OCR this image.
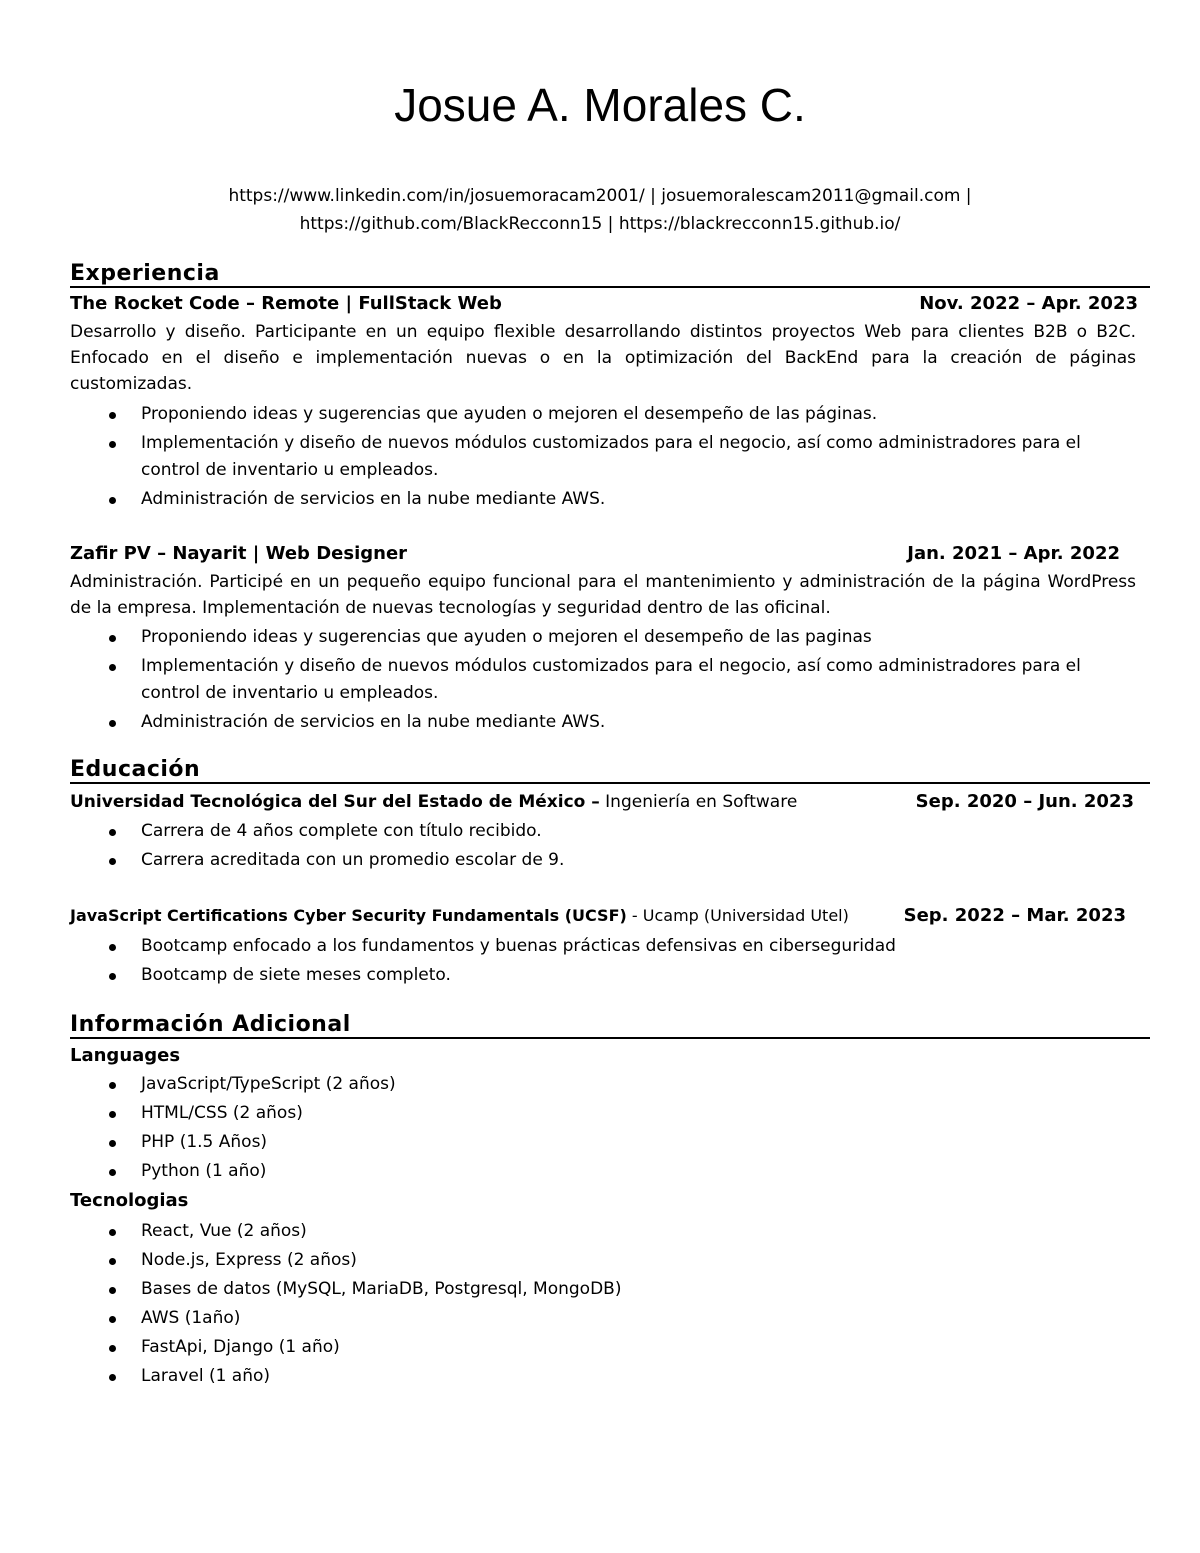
Josue A. Morales C.
https://www.linkedin.com/in/josuemoracam2001/ | josuemoralescam2011@gmail.com |
https://github.com/BlackRecconn15 | https://blackrecconn15.github.io/
Experiencia
The Rocket Code – Remote | FullStack Web	Nov. 2022 – Apr. 2023
Desarrollo y diseño. Participante en un equipo flexible desarrollando distintos proyectos Web para clientes B2B o B2C. Enfocado en el diseño e implementación nuevas o en la optimización del BackEnd para la creación de páginas customizadas.
Proponiendo ideas y sugerencias que ayuden o mejoren el desempeño de las páginas.
Implementación y diseño de nuevos módulos customizados para el negocio, así como administradores para el control de inventario u empleados.
Administración de servicios en la nube mediante AWS.
Zafir PV – Nayarit | Web Designer	Jan. 2021 – Apr. 2022
Administración. Participé en un pequeño equipo funcional para el mantenimiento y administración de la página WordPress de la empresa. Implementación de nuevas tecnologías y seguridad dentro de las oficinal.
Proponiendo ideas y sugerencias que ayuden o mejoren el desempeño de las paginas
Implementación y diseño de nuevos módulos customizados para el negocio, así como administradores para el control de inventario u empleados.
Administración de servicios en la nube mediante AWS.
Educación
Universidad Tecnológica del Sur del Estado de México – Ingeniería en Software	Sep. 2020 – Jun. 2023
Carrera de 4 años complete con título recibido.
Carrera acreditada con un promedio escolar de 9.
JavaScript Certifications Cyber Security Fundamentals (UCSF) - Ucamp (Universidad Utel)	Sep. 2022 – Mar. 2023
Bootcamp enfocado a los fundamentos y buenas prácticas defensivas en ciberseguridad
Bootcamp de siete meses completo.
Información Adicional
Languages
JavaScript/TypeScript (2 años)
HTML/CSS (2 años)
PHP (1.5 Años)
Python (1 año)
Tecnologias
React, Vue (2 años)
Node.js, Express (2 años)
Bases de datos (MySQL, MariaDB, Postgresql, MongoDB)
AWS (1año)
FastApi, Django (1 año)
Laravel (1 año)
